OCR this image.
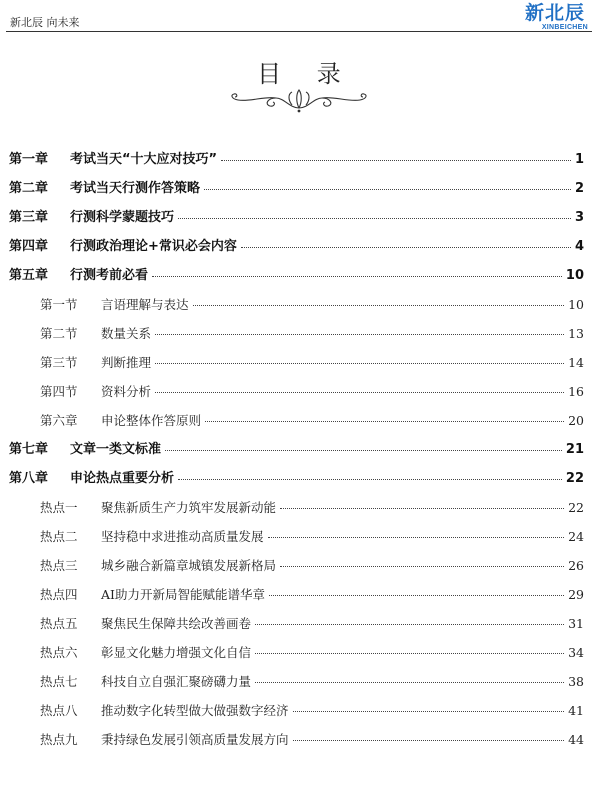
新北辰 向未来	新北辰
XINBEICHEN
目 录
第一章 考试当天“十大应对技巧”	1
第二章 考试当天行测作答策略	2
第三章 行测科学蒙题技巧	3
第四章 行测政治理论+常识必会内容	4
第五章 行测考前必看	10
第一节 言语理解与表达	10
第二节 数量关系	13
第三节 判断推理	14
第四节 资料分析	16
第六章 申论整体作答原则	20
第七章 文章一类文标准	21
第八章 申论热点重要分析	22
热点一 聚焦新质生产力筑牢发展新动能	22
热点二 坚持稳中求进推动高质量发展	24
热点三 城乡融合新篇章城镇发展新格局	26
热点四 AI助力开新局智能赋能谱华章	29
热点五 聚焦民生保障共绘改善画卷	31
热点六 彰显文化魅力增强文化自信	34
热点七 科技自立自强汇聚磅礴力量	38
热点八 推动数字化转型做大做强数字经济	41
热点九 秉持绿色发展引领高质量发展方向	44
